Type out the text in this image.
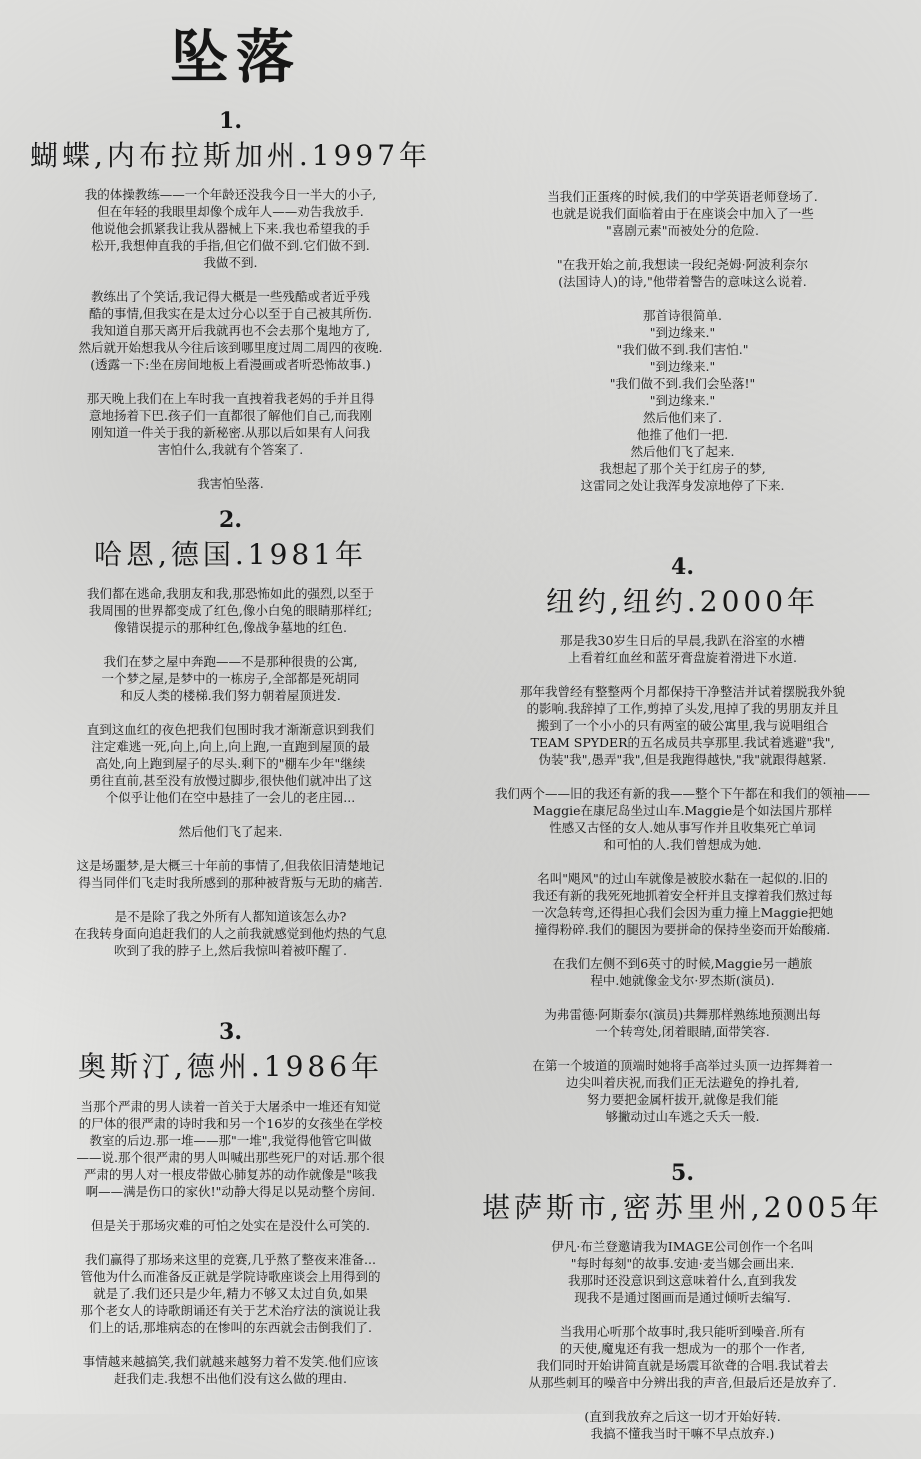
坠落
1.
蝴蝶,内布拉斯加州.1997年

我的体操教练——一个年龄还没我今日一半大的小子,
但在年轻的我眼里却像个成年人——劝告我放手.
他说他会抓紧我让我从器械上下来.我也希望我的手
松开,我想伸直我的手指,但它们做不到.它们做不到.
我做不到.

教练出了个笑话,我记得大概是一些残酷或者近乎残
酷的事情,但我实在是太过分心以至于自己被其所伤.
我知道自那天离开后我就再也不会去那个鬼地方了,
然后就开始想我从今往后该到哪里度过周二周四的夜晚.
(透露一下:坐在房间地板上看漫画或者听恐怖故事.)

那天晚上我们在上车时我一直拽着我老妈的手并且得
意地扬着下巴.孩子们一直都很了解他们自己,而我刚
刚知道一件关于我的新秘密.从那以后如果有人问我
害怕什么,我就有个答案了.

我害怕坠落.

2.
哈恩,德国.1981年

我们都在逃命,我朋友和我,那恐怖如此的强烈,以至于
我周围的世界都变成了红色,像小白兔的眼睛那样红;
像错误提示的那种红色,像战争墓地的红色.

我们在梦之屋中奔跑——不是那种很贵的公寓,
一个梦之屋,是梦中的一栋房子,全部都是死胡同
和反人类的楼梯.我们努力朝着屋顶进发.

直到这血红的夜色把我们包围时我才渐渐意识到我们
注定难逃一死,向上,向上,向上跑,一直跑到屋顶的最
高处,向上跑到屋子的尽头.剩下的"棚车少年"继续
勇往直前,甚至没有放慢过脚步,很快他们就冲出了这
个似乎让他们在空中悬挂了一会儿的老庄园...

然后他们飞了起来.

这是场噩梦,是大概三十年前的事情了,但我依旧清楚地记
得当同伴们飞走时我所感到的那种被背叛与无助的痛苦.

是不是除了我之外所有人都知道该怎么办?
在我转身面向追赶我们的人之前我就感觉到他灼热的气息
吹到了我的脖子上,然后我惊叫着被吓醒了.

3.
奥斯汀,德州.1986年

当那个严肃的男人读着一首关于大屠杀中一堆还有知觉
的尸体的很严肃的诗时我和另一个16岁的女孩坐在学校
教室的后边.那一堆——那"一堆",我觉得他管它叫做
——说.那个很严肃的男人叫喊出那些死尸的对话.那个很
严肃的男人对一根皮带做心肺复苏的动作就像是"咳我
啊——满是伤口的家伙!"动静大得足以晃动整个房间.

但是关于那场灾难的可怕之处实在是没什么可笑的.

我们赢得了那场来这里的竞赛,几乎熬了整夜来准备...
管他为什么而准备反正就是学院诗歌座谈会上用得到的
就是了.我们还只是少年,精力不够又太过自负,如果
那个老女人的诗歌朗诵还有关于艺术治疗法的演说让我
们上的话,那堆病态的在惨叫的东西就会击倒我们了.

事情越来越搞笑,我们就越来越努力着不发笑.他们应该
赶我们走.我想不出他们没有这么做的理由.

当我们正蛋疼的时候,我们的中学英语老师登场了.
也就是说我们面临着由于在座谈会中加入了一些
"喜剧元素"而被处分的危险.

"在我开始之前,我想读一段纪尧姆·阿波利奈尔
(法国诗人)的诗,"他带着警告的意味这么说着.

那首诗很简单.
"到边缘来."
"我们做不到.我们害怕."
"到边缘来."
"我们做不到.我们会坠落!"
"到边缘来."
然后他们来了.
他推了他们一把.
然后他们飞了起来.
我想起了那个关于红房子的梦,
这雷同之处让我浑身发凉地停了下来.

4.
纽约,纽约.2000年

那是我30岁生日后的早晨,我趴在浴室的水槽
上看着红血丝和蓝牙膏盘旋着滑进下水道.

那年我曾经有整整两个月都保持干净整洁并试着摆脱我外貌
的影响.我辞掉了工作,剪掉了头发,甩掉了我的男朋友并且
搬到了一个小小的只有两室的破公寓里,我与说唱组合
TEAM SPYDER的五名成员共享那里.我试着逃避"我",
伪装"我",愚弄"我",但是我跑得越快,"我"就跟得越紧.

我们两个——旧的我还有新的我——整个下午都在和我们的领袖——
Maggie在康尼岛坐过山车.Maggie是个如法国片那样
性感又古怪的女人.她从事写作并且收集死亡单词
和可怕的人.我们曾想成为她.

名叫"飓风"的过山车就像是被胶水黏在一起似的.旧的
我还有新的我死死地抓着安全杆并且支撑着我们熬过每
一次急转弯,还得担心我们会因为重力撞上Maggie把她
撞得粉碎.我们的腿因为要拼命的保持坐姿而开始酸痛.

在我们左侧不到6英寸的时候,Maggie另一趟旅
程中.她就像金戈尔·罗杰斯(演员).

为弗雷德·阿斯泰尔(演员)共舞那样熟练地预测出每
一个转弯处,闭着眼睛,面带笑容.

在第一个坡道的顶端时她将手高举过头顶一边挥舞着一
边尖叫着庆祝,而我们正无法避免的挣扎着,
努力要把金属杆拔开,就像是我们能
够撇动过山车逃之夭夭一般.

5.
堪萨斯市,密苏里州,2005年

伊凡·布兰登邀请我为IMAGE公司创作一个名叫
"每时每刻"的故事.安迪·麦当娜会画出来.
我那时还没意识到这意味着什么,直到我发
现我不是通过图画而是通过倾听去编写.

当我用心听那个故事时,我只能听到噪音.所有
的天使,魔鬼还有我一想成为一的那个一作者,
我们同时开始讲简直就是场震耳欲聋的合唱.我试着去
从那些刺耳的噪音中分辨出我的声音,但最后还是放弃了.

(直到我放弃之后这一切才开始好转.
我搞不懂我当时干嘛不早点放弃.)
